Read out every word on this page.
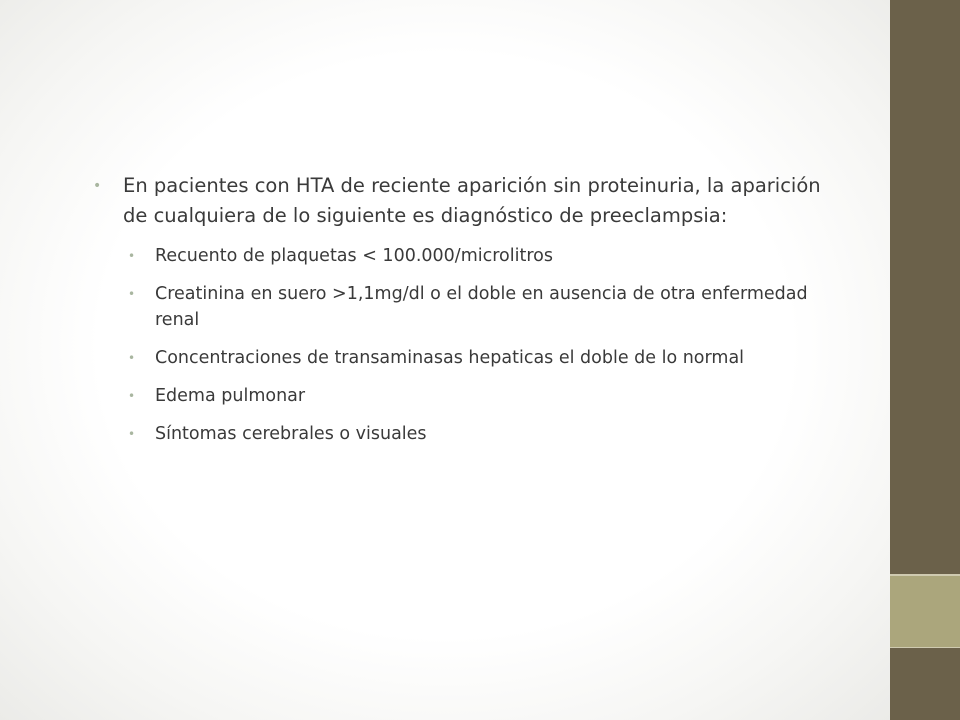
• En pacientes con HTA de reciente aparición sin proteinuria, la aparición de cualquiera de lo siguiente es diagnóstico de preeclampsia:
• Recuento de plaquetas < 100.000/microlitros
• Creatinina en suero >1,1mg/dl o el doble en ausencia de otra enfermedad renal
• Concentraciones de transaminasas hepaticas el doble de lo normal
• Edema pulmonar
• Síntomas cerebrales o visuales
